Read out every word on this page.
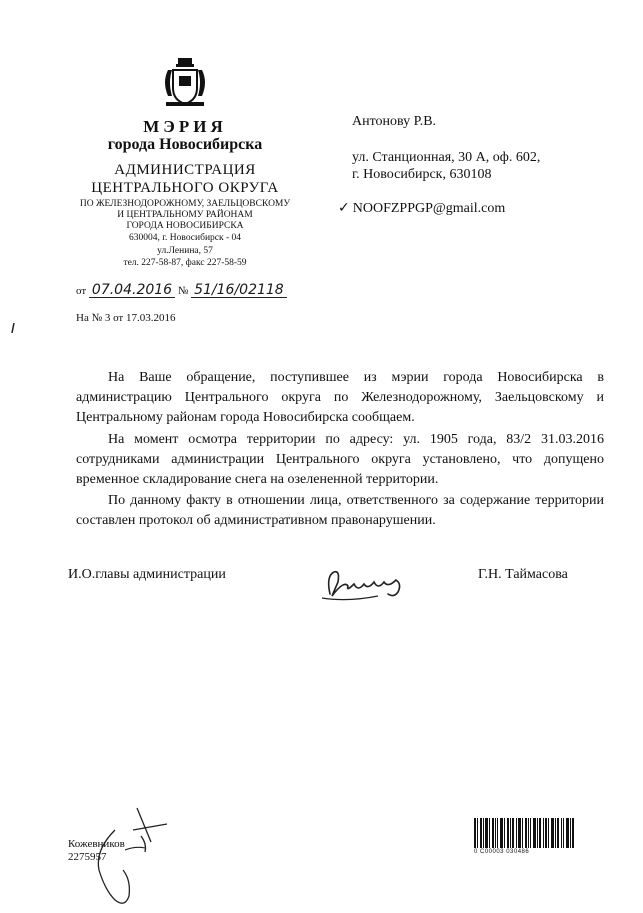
МЭРИЯ
города Новосибирска
АДМИНИСТРАЦИЯ
ЦЕНТРАЛЬНОГО ОКРУГА
ПО ЖЕЛЕЗНОДОРОЖНОМУ, ЗАЕЛЬЦОВСКОМУ
И ЦЕНТРАЛЬНОМУ РАЙОНАМ
ГОРОДА НОВОСИБИРСКА
630004, г. Новосибирск - 04
ул.Ленина, 57
тел. 227-58-87, факс 227-58-59
от 07.04.2016 № 51/16/02118
На № 3 от 17.03.2016
Антонову Р.В.
ул. Станционная, 30 А, оф. 602,
г. Новосибирск, 630108
✓ NOOFZPPGP@gmail.com
На Ваше обращение, поступившее из мэрии города Новосибирска в администрацию Центрального округа по Железнодорожному, Заельцовскому и Центральному районам города Новосибирска сообщаем.
На момент осмотра территории по адресу: ул. 1905 года, 83/2 31.03.2016 сотрудниками администрации Центрального округа установлено, что допущено временное складирование снега на озелененной территории.
По данному факту в отношении лица, ответственного за содержание территории составлен протокол об административном правонарушении.
И.О.главы администрации	Г.Н. Таймасова
Кожевников
2275957	0 C00003 030486
